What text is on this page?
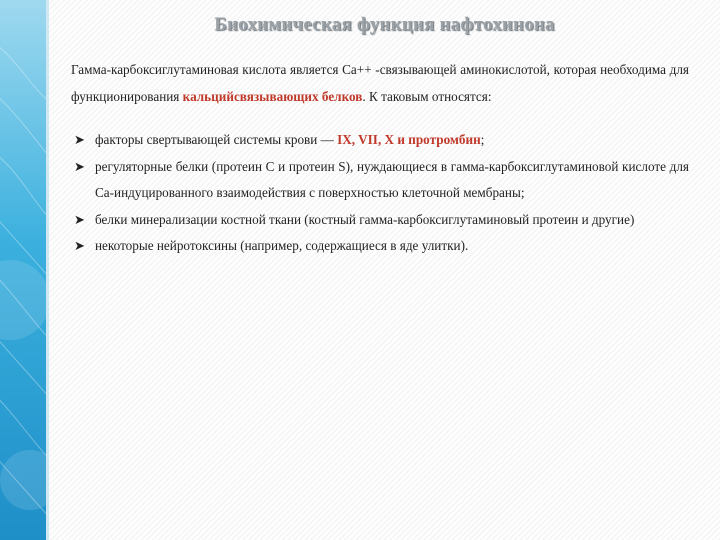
Биохимическая функция нафтохинона
Гамма-карбоксиглутаминовая кислота является Са++ -связывающей аминокислотой, которая необходима для функционирования кальцийсвязывающих белков. К таковым относятся:
➤ факторы свертывающей системы крови — IX, VII, X и протромбин;
➤ регуляторные белки (протеин С и протеин S), нуждающиеся в гамма-карбоксиглутаминовой кислоте для Са-индуцированного взаимодействия с поверхностью клеточной мембраны;
➤ белки минерализации костной ткани (костный гамма-карбоксиглутаминовый протеин и другие)
➤ некоторые нейротоксины (например, содержащиеся в яде улитки).
